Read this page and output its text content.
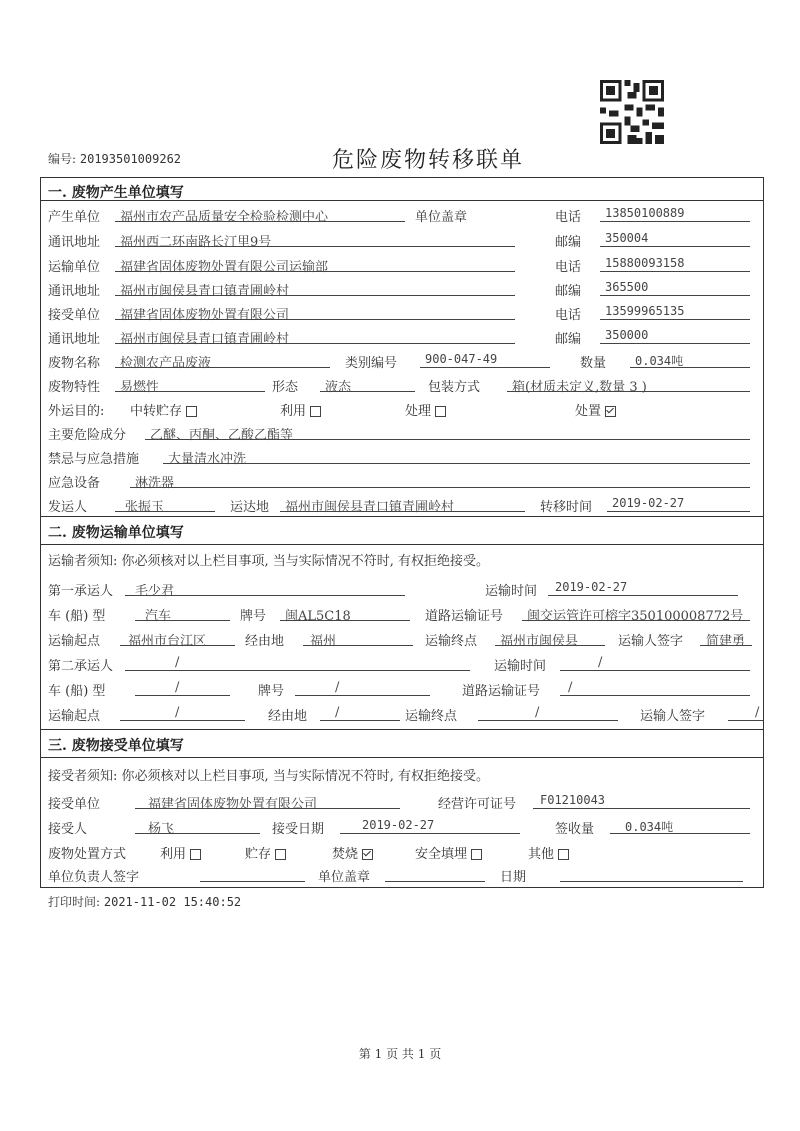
编号: 20193501009262	危险废物转移联单
一. 废物产生单位填写
产生单位 福州市农产品质量安全检验检测中心	单位盖章	电话 13850100889
通讯地址 福州西二环南路长汀里9号	邮编 350004
运输单位 福建省固体废物处置有限公司运输部	电话 15880093158
通讯地址 福州市闽侯县青口镇青圃岭村	邮编 365500
接受单位 福建省固体废物处置有限公司	电话 13599965135
通讯地址 福州市闽侯县青口镇青圃岭村	邮编 350000
废物名称 检测农产品废液	类别编号 900-047-49	数量 0.034吨
废物特性 易燃性	形态 液态	包装方式 箱(材质未定义,数量 3 )
外运目的: 中转贮存	利用	处理	处置
主要危险成分 乙醚、丙酮、乙酸乙酯等
禁忌与应急措施 大量清水冲洗
应急设备	淋洗器
发运人	张振玉	运达地 福州市闽侯县青口镇青圃岭村	转移时间 2019-02-27
二. 废物运输单位填写
运输者须知: 你必须核对以上栏目事项, 当与实际情况不符时, 有权拒绝接受。
第一承运人 毛少君	运输时间 2019-02-27
车 (船) 型	汽车	牌号 闽AL5C18	道路运输证号 闽交运管许可榕字350100008772号
运输起点 福州市台江区	经由地 福州	运输终点 福州市闽侯县	运输人签字 简建勇
第二承运人	/	运输时间	/
车 (船) 型	/	牌号	/	道路运输证号 /
运输起点	/	经由地 /	运输终点	/	运输人签字	/
三. 废物接受单位填写
接受者须知: 你必须核对以上栏目事项, 当与实际情况不符时, 有权拒绝接受。
接受单位	福建省固体废物处置有限公司	经营许可证号 F01210043
接受人	杨飞	接受日期	2019-02-27	签收量	0.034吨
废物处置方式	利用	贮存	焚烧	安全填埋	其他
单位负责人签字	单位盖章	日期
打印时间: 2021-11-02 15:40:52
第 1 页 共 1 页
